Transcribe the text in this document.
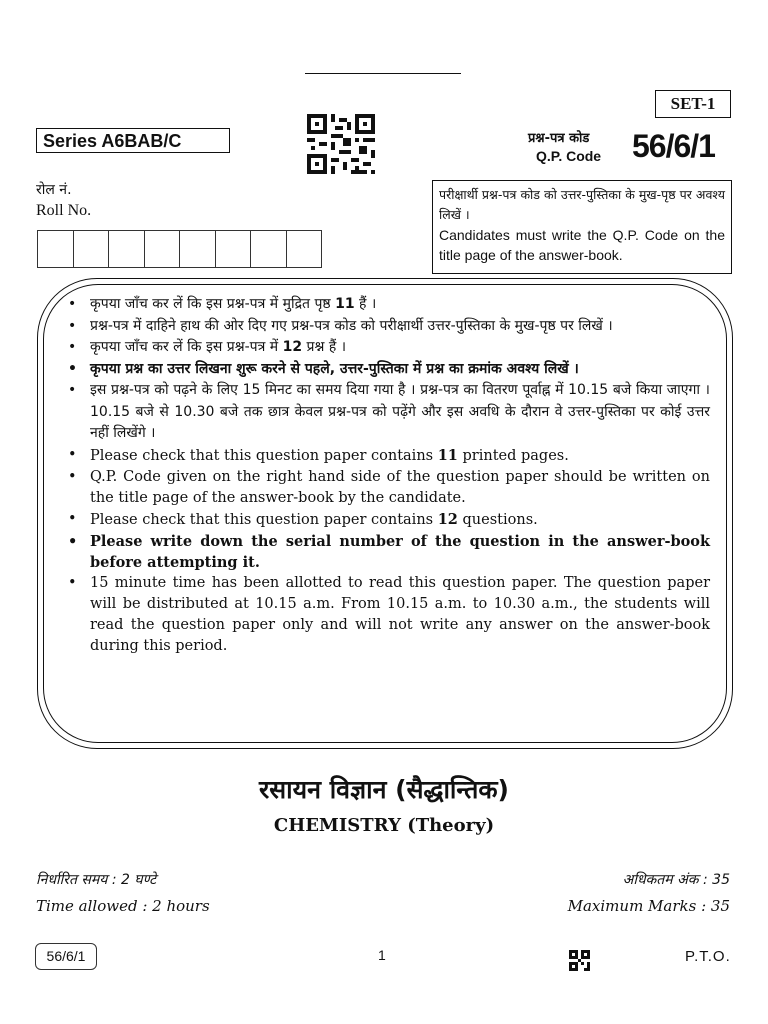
SET-1
Series A6BAB/C	प्रश्न-पत्र कोड
Q.P. Code 56/6/1
रोल नं.
Roll No.
परीक्षार्थी प्रश्न-पत्र कोड को उत्तर-पुस्तिका के मुख-पृष्ठ पर अवश्य लिखें ।
Candidates must write the Q.P. Code on the title page of the answer-book.
• कृपया जाँच कर लें कि इस प्रश्न-पत्र में मुद्रित पृष्ठ 11 हैं ।
• प्रश्न-पत्र में दाहिने हाथ की ओर दिए गए प्रश्न-पत्र कोड को परीक्षार्थी उत्तर-पुस्तिका के मुख-पृष्ठ पर लिखें ।
• कृपया जाँच कर लें कि इस प्रश्न-पत्र में 12 प्रश्न हैं ।
• कृपया प्रश्न का उत्तर लिखना शुरू करने से पहले, उत्तर-पुस्तिका में प्रश्न का क्रमांक अवश्य लिखें ।
• इस प्रश्न-पत्र को पढ़ने के लिए 15 मिनट का समय दिया गया है । प्रश्न-पत्र का वितरण पूर्वाह्न में 10.15 बजे किया जाएगा । 10.15 बजे से 10.30 बजे तक छात्र केवल प्रश्न-पत्र को पढ़ेंगे और इस अवधि के दौरान वे उत्तर-पुस्तिका पर कोई उत्तर नहीं लिखेंगे ।
• Please check that this question paper contains 11 printed pages.
• Q.P. Code given on the right hand side of the question paper should be written on the title page of the answer-book by the candidate.
• Please check that this question paper contains 12 questions.
• Please write down the serial number of the question in the answer-book before attempting it.
• 15 minute time has been allotted to read this question paper. The question paper will be distributed at 10.15 a.m. From 10.15 a.m. to 10.30 a.m., the students will read the question paper only and will not write any answer on the answer-book during this period.
रसायन विज्ञान (सैद्धान्तिक)
CHEMISTRY (Theory)
निर्धारित समय : 2 घण्टे	अधिकतम अंक : 35
Time allowed : 2 hours	Maximum Marks : 35
56/6/1	1	P.T.O.
